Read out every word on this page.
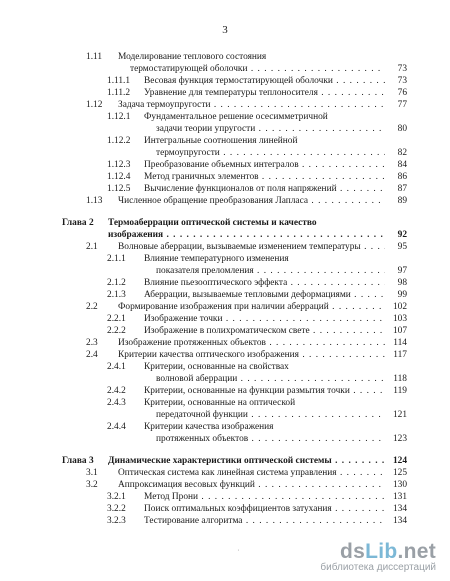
3
1.11 Моделирование теплового состояния
термостатирующей оболочки . . .	73
1.11.1 Весовая функция термостатирующей оболочки . . .	73
1.11.2 Уравнение для температуры теплоносителя . . .	76
1.12 Задача термоупругости . . .	77
1.12.1 Фундаментальное решение осесимметричной
задачи теории упругости . . .	80
1.12.2 Интегральные соотношения линейной
термоупругости . . .	82
1.12.3 Преобразование объемных интегралов . . .	84
1.12.4 Метод граничных элементов . . .	86
1.12.5 Вычисление функционалов от поля напряжений . . .	87
1.13 Численное обращение преобразования Лапласа . . .	89
Глава 2 Термоаберрации оптической системы и качество
изображения . . .	92
2.1 Волновые аберрации, вызываемые изменением температуры . . .	95
2.1.1 Влияние температурного изменения
показателя преломления . . .	97
2.1.2 Влияние пьезооптического эффекта . . .	98
2.1.3 Аберрации, вызываемые тепловыми деформациями . . .	99
2.2 Формирование изображения при наличии аберраций . . .	102
2.2.1 Изображение точки . . .	103
2.2.2 Изображение в полихроматическом свете . . .	107
2.3 Изображение протяженных объектов . . .	114
2.4 Критерии качества оптического изображения . . .	117
2.4.1 Критерии, основанные на свойствах
волновой аберрации . . .	118
2.4.2 Критерии, основанные на функции размытия точки . . .	119
2.4.3 Критерии, основанные на оптической
передаточной функции . . .	121
2.4.4 Критерии качества изображения
протяженных объектов . . .	123
Глава 3 Динамические характеристики оптической системы . . .	124
3.1 Оптическая система как линейная система управления . . .	125
3.2 Аппроксимация весовых функций . . .	130
3.2.1 Метод Прони . . .	131
3.2.2 Поиск оптимальных коэффициентов затухания . . .	134
3.2.3 Тестирование алгоритма . . .	134
˙	dsLib.net
библиотека диссертаций
